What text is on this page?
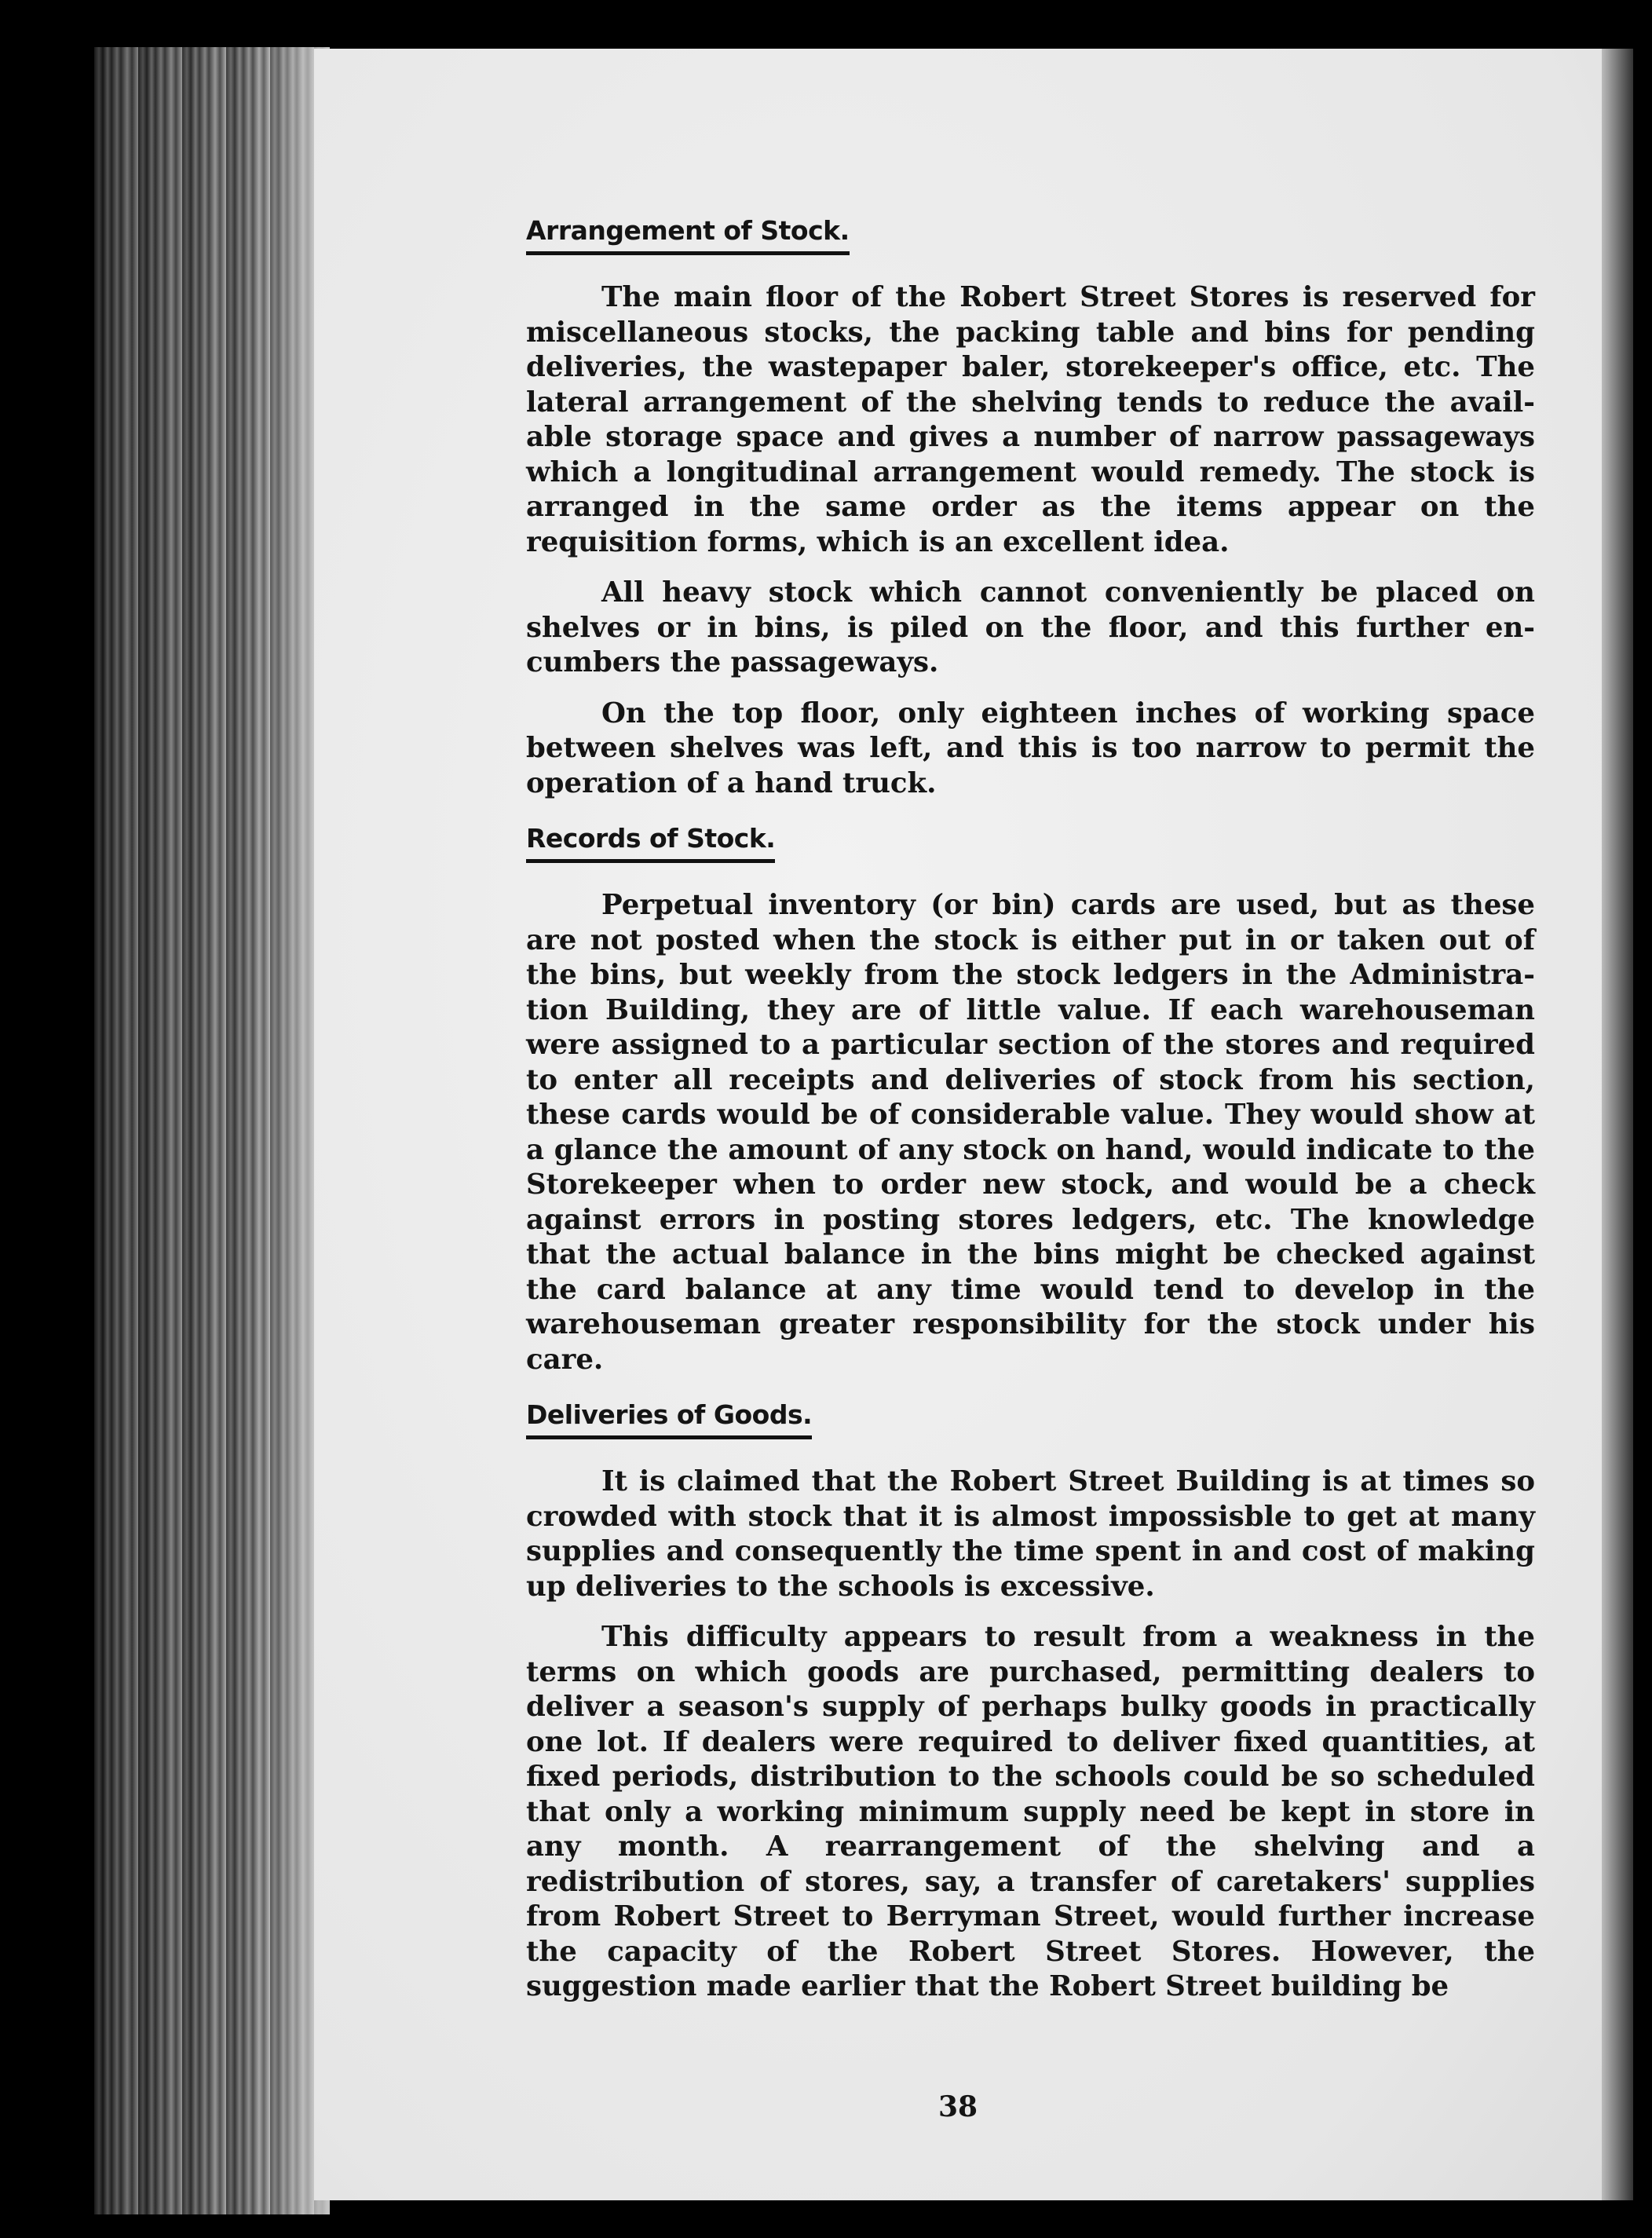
Arrangement of Stock.

The main floor of the Robert Street Stores is reserved for miscellaneous stocks, the packing table and bins for pending deliveries, the wastepaper baler, storekeeper's office, etc. The lateral arrangement of the shelving tends to reduce the available storage space and gives a number of narrow passageways which a longitudinal arrangement would remedy. The stock is arranged in the same order as the items appear on the requisition forms, which is an excellent idea.

All heavy stock which cannot conveniently be placed on shelves or in bins, is piled on the floor, and this further encumbers the passageways.

On the top floor, only eighteen inches of working space between shelves was left, and this is too narrow to permit the operation of a hand truck.

Records of Stock.

Perpetual inventory (or bin) cards are used, but as these are not posted when the stock is either put in or taken out of the bins, but weekly from the stock ledgers in the Administration Building, they are of little value. If each warehouseman were assigned to a particular section of the stores and required to enter all receipts and deliveries of stock from his section, these cards would be of considerable value. They would show at a glance the amount of any stock on hand, would indicate to the Storekeeper when to order new stock, and would be a check against errors in posting stores ledgers, etc. The knowledge that the actual balance in the bins might be checked against the card balance at any time would tend to develop in the warehouseman greater responsibility for the stock under his care.

Deliveries of Goods.

It is claimed that the Robert Street Building is at times so crowded with stock that it is almost impossisble to get at many supplies and consequently the time spent in and cost of making up deliveries to the schools is excessive.

This difficulty appears to result from a weakness in the terms on which goods are purchased, permitting dealers to deliver a season's supply of perhaps bulky goods in practically one lot. If dealers were required to deliver fixed quantities, at fixed periods, distribution to the schools could be so scheduled that only a working minimum supply need be kept in store in any month. A rearrangement of the shelving and a redistribution of stores, say, a transfer of caretakers' supplies from Robert Street to Berryman Street, would further increase the capacity of the Robert Street Stores. However, the suggestion made earlier that the Robert Street building be

38
